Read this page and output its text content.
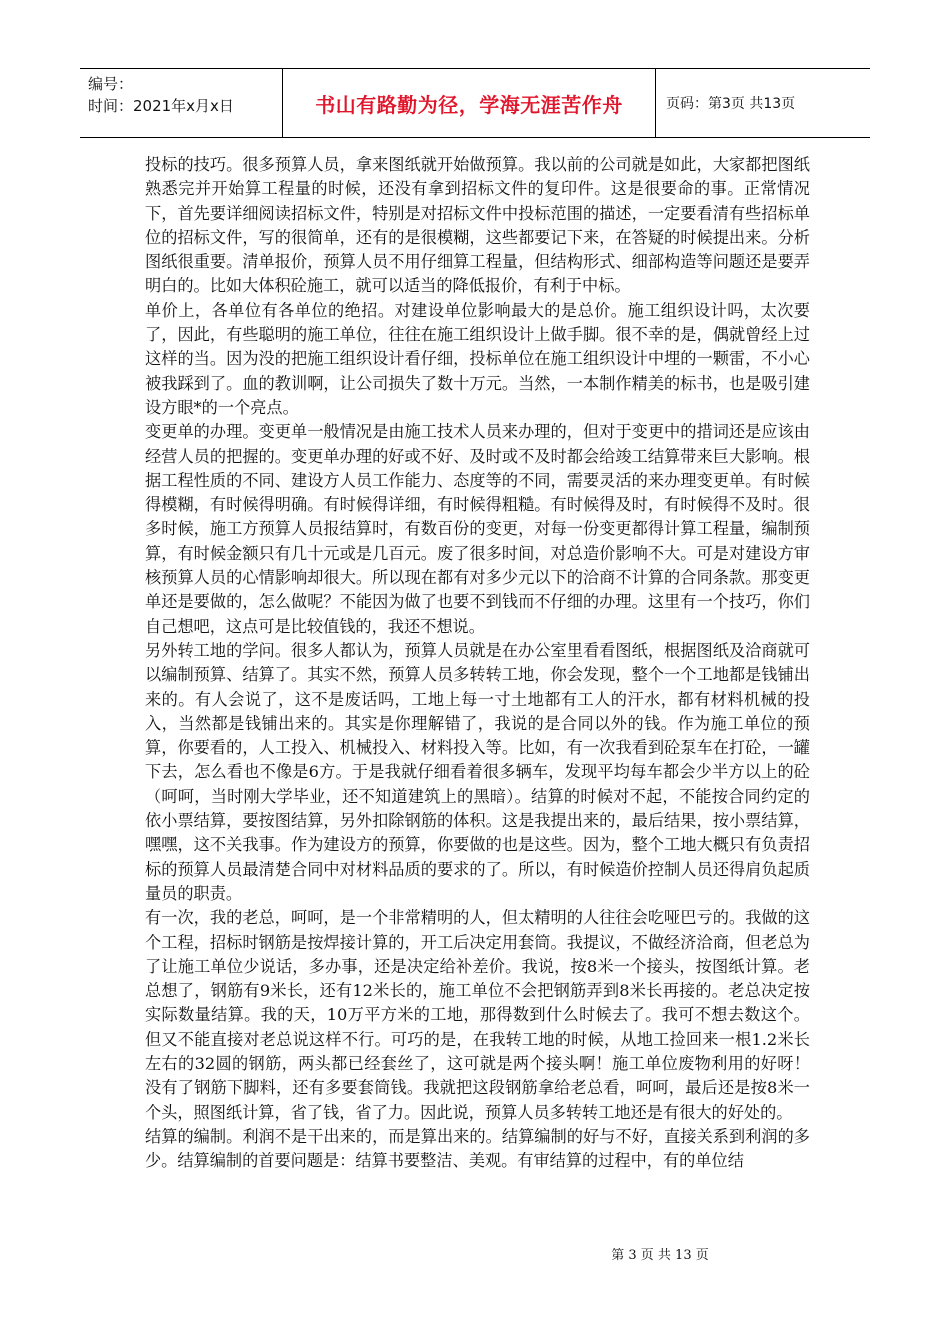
编号：
时间：2021年x月x日	书山有路勤为径，学海无涯苦作舟	页码：第3页 共13页

投标的技巧。很多预算人员，拿来图纸就开始做预算。我以前的公司就是如此，大家都把图纸熟悉完并开始算工程量的时候，还没有拿到招标文件的复印件。这是很要命的事。正常情况下，首先要详细阅读招标文件，特别是对招标文件中投标范围的描述，一定要看清有些招标单位的招标文件，写的很简单，还有的是很模糊，这些都要记下来，在答疑的时候提出来。分析图纸很重要。清单报价，预算人员不用仔细算工程量，但结构形式、细部构造等问题还是要弄明白的。比如大体积砼施工，就可以适当的降低报价，有利于中标。

单价上，各单位有各单位的绝招。对建设单位影响最大的是总价。施工组织设计吗，太次要了，因此，有些聪明的施工单位，往往在施工组织设计上做手脚。很不幸的是，偶就曾经上过这样的当。因为没的把施工组织设计看仔细，投标单位在施工组织设计中埋的一颗雷，不小心被我踩到了。血的教训啊，让公司损失了数十万元。当然，一本制作精美的标书，也是吸引建设方眼*的一个亮点。

变更单的办理。变更单一般情况是由施工技术人员来办理的，但对于变更中的措词还是应该由经营人员的把握的。变更单办理的好或不好、及时或不及时都会给竣工结算带来巨大影响。根据工程性质的不同、建设方人员工作能力、态度等的不同，需要灵活的来办理变更单。有时候得模糊，有时候得明确。有时候得详细，有时候得粗糙。有时候得及时，有时候得不及时。很多时候，施工方预算人员报结算时，有数百份的变更，对每一份变更都得计算工程量，编制预算，有时候金额只有几十元或是几百元。废了很多时间，对总造价影响不大。可是对建设方审核预算人员的心情影响却很大。所以现在都有对多少元以下的洽商不计算的合同条款。那变更单还是要做的，怎么做呢？不能因为做了也要不到钱而不仔细的办理。这里有一个技巧，你们自己想吧，这点可是比较值钱的，我还不想说。

另外转工地的学问。很多人都认为，预算人员就是在办公室里看看图纸，根据图纸及洽商就可以编制预算、结算了。其实不然，预算人员多转转工地，你会发现，整个一个工地都是钱铺出来的。有人会说了，这不是废话吗，工地上每一寸土地都有工人的汗水，都有材料机械的投入，当然都是钱铺出来的。其实是你理解错了，我说的是合同以外的钱。作为施工单位的预算，你要看的，人工投入、机械投入、材料投入等。比如，有一次我看到砼泵车在打砼，一罐下去，怎么看也不像是6方。于是我就仔细看着很多辆车，发现平均每车都会少半方以上的砼（呵呵，当时刚大学毕业，还不知道建筑上的黑暗）。结算的时候对不起，不能按合同约定的依小票结算，要按图结算，另外扣除钢筋的体积。这是我提出来的，最后结果，按小票结算，嘿嘿，这不关我事。作为建设方的预算，你要做的也是这些。因为，整个工地大概只有负责招标的预算人员最清楚合同中对材料品质的要求的了。所以，有时候造价控制人员还得肩负起质量员的职责。

有一次，我的老总，呵呵，是一个非常精明的人，但太精明的人往往会吃哑巴亏的。我做的这个工程，招标时钢筋是按焊接计算的，开工后决定用套筒。我提议，不做经济洽商，但老总为了让施工单位少说话，多办事，还是决定给补差价。我说，按8米一个接头，按图纸计算。老总想了，钢筋有9米长，还有12米长的，施工单位不会把钢筋弄到8米长再接的。老总决定按实际数量结算。我的天，10万平方米的工地，那得数到什么时候去了。我可不想去数这个。但又不能直接对老总说这样不行。可巧的是，在我转工地的时候，从地工捡回来一根1.2米长左右的32圆的钢筋，两头都已经套丝了，这可就是两个接头啊！施工单位废物利用的好呀！没有了钢筋下脚料，还有多要套筒钱。我就把这段钢筋拿给老总看，呵呵，最后还是按8米一个头，照图纸计算，省了钱，省了力。因此说，预算人员多转转工地还是有很大的好处的。

结算的编制。利润不是干出来的，而是算出来的。结算编制的好与不好，直接关系到利润的多少。结算编制的首要问题是：结算书要整洁、美观。有审结算的过程中，有的单位结

第 3 页 共 13 页
